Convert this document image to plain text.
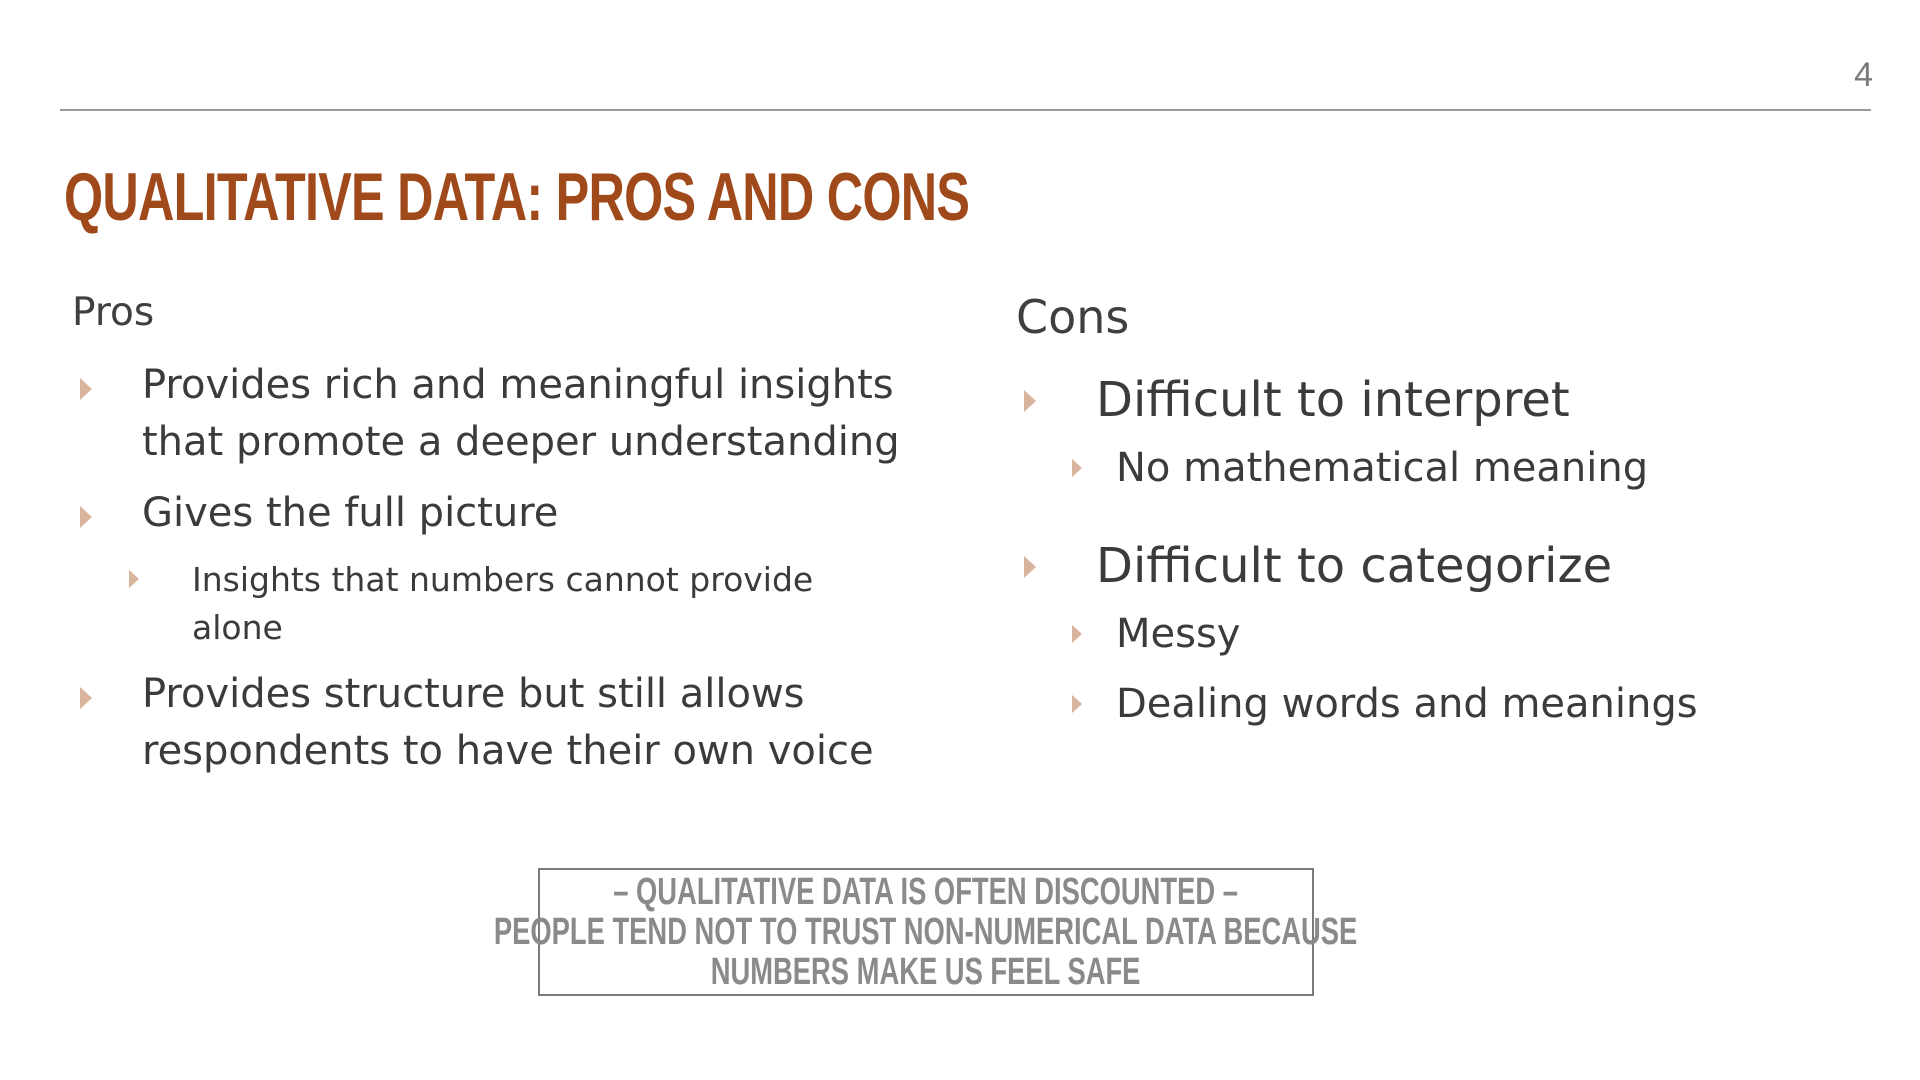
4
QUALITATIVE DATA: PROS AND CONS
Pros
Provides rich and meaningful insights
that promote a deeper understanding
Gives the full picture
Insights that numbers cannot provide
alone
Provides structure but still allows
respondents to have their own voice
Cons
Difficult to interpret
No mathematical meaning
Difficult to categorize
Messy
Dealing words and meanings
– QUALITATIVE DATA IS OFTEN DISCOUNTED –
PEOPLE TEND NOT TO TRUST NON-NUMERICAL DATA BECAUSE
NUMBERS MAKE US FEEL SAFE
